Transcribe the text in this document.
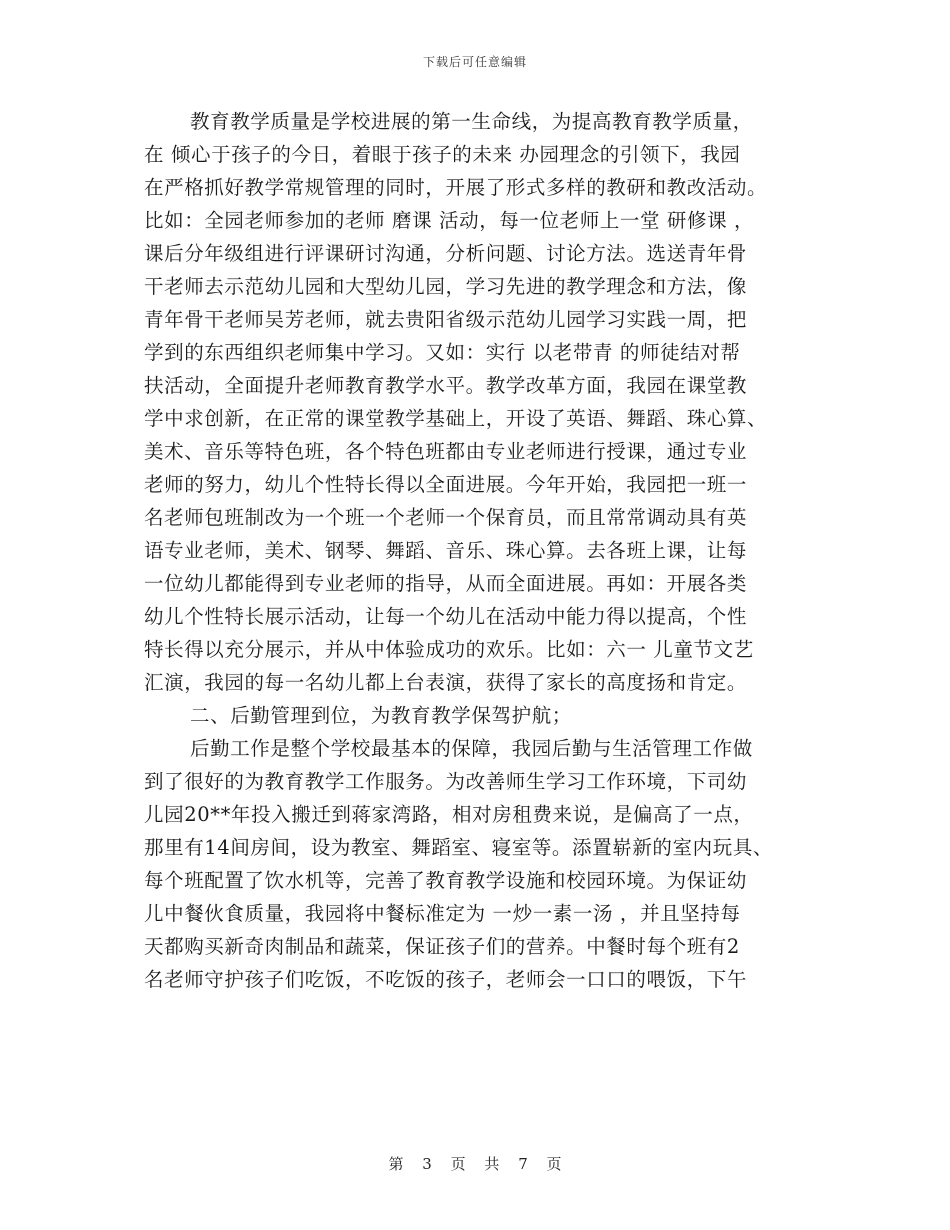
下载后可任意编辑
教育教学质量是学校进展的第一生命线，为提高教育教学质量，
在 倾心于孩子的今日，着眼于孩子的未来 办园理念的引领下，我园
在严格抓好教学常规管理的同时，开展了形式多样的教研和教改活动。
比如：全园老师参加的老师 磨课 活动，每一位老师上一堂 研修课 ，
课后分年级组进行评课研讨沟通，分析问题、讨论方法。选送青年骨
干老师去示范幼儿园和大型幼儿园，学习先进的教学理念和方法，像
青年骨干老师吴芳老师，就去贵阳省级示范幼儿园学习实践一周，把
学到的东西组织老师集中学习。又如：实行 以老带青 的师徒结对帮
扶活动，全面提升老师教育教学水平。教学改革方面，我园在课堂教
学中求创新，在正常的课堂教学基础上，开设了英语、舞蹈、珠心算、
美术、音乐等特色班，各个特色班都由专业老师进行授课，通过专业
老师的努力，幼儿个性特长得以全面进展。今年开始，我园把一班一
名老师包班制改为一个班一个老师一个保育员，而且常常调动具有英
语专业老师，美术、钢琴、舞蹈、音乐、珠心算。去各班上课，让每
一位幼儿都能得到专业老师的指导，从而全面进展。再如：开展各类
幼儿个性特长展示活动，让每一个幼儿在活动中能力得以提高，个性
特长得以充分展示，并从中体验成功的欢乐。比如：六一 儿童节文艺
汇演，我园的每一名幼儿都上台表演，获得了家长的高度扬和肯定。
二、后勤管理到位，为教育教学保驾护航；
后勤工作是整个学校最基本的保障，我园后勤与生活管理工作做
到了很好的为教育教学工作服务。为改善师生学习工作环境，下司幼
儿园20**年投入搬迁到蒋家湾路，相对房租费来说，是偏高了一点，
那里有14间房间，设为教室、舞蹈室、寝室等。添置崭新的室内玩具、
每个班配置了饮水机等，完善了教育教学设施和校园环境。为保证幼
儿中餐伙食质量，我园将中餐标准定为 一炒一素一汤 ，并且坚持每
天都购买新奇肉制品和蔬菜，保证孩子们的营养。中餐时每个班有2
名老师守护孩子们吃饭，不吃饭的孩子，老师会一口口的喂饭，下午
第 3 页 共 7 页
